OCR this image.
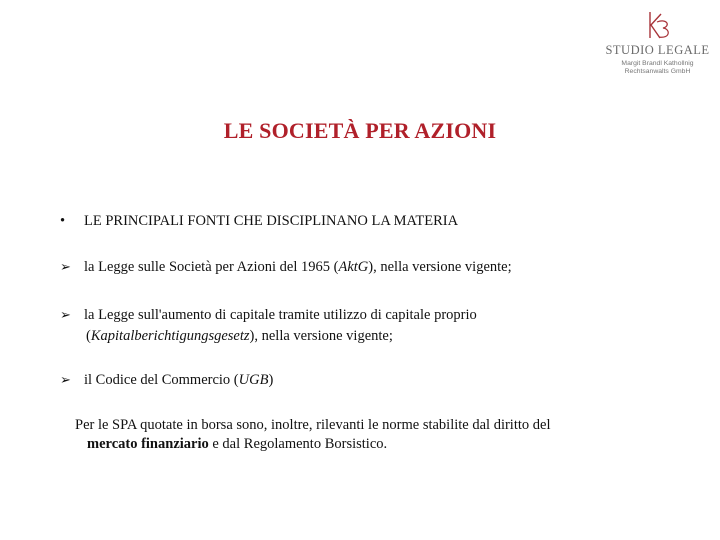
STUDIO LEGALE
Margit Brandl Kathollnig
Rechtsanwalts GmbH
LE SOCIETÀ PER AZIONI
•	LE PRINCIPALI FONTI CHE DISCIPLINANO LA MATERIA
➢ la Legge sulle Società per Azioni del 1965 (AktG), nella versione vigente;
➢ la Legge sull'aumento di capitale tramite utilizzo di capitale proprio
(Kapitalberichtigungsgesetz), nella versione vigente;
➢ il Codice del Commercio (UGB)
Per le SPA quotate in borsa sono, inoltre, rilevanti le norme stabilite dal diritto del
mercato finanziario e dal Regolamento Borsistico.
